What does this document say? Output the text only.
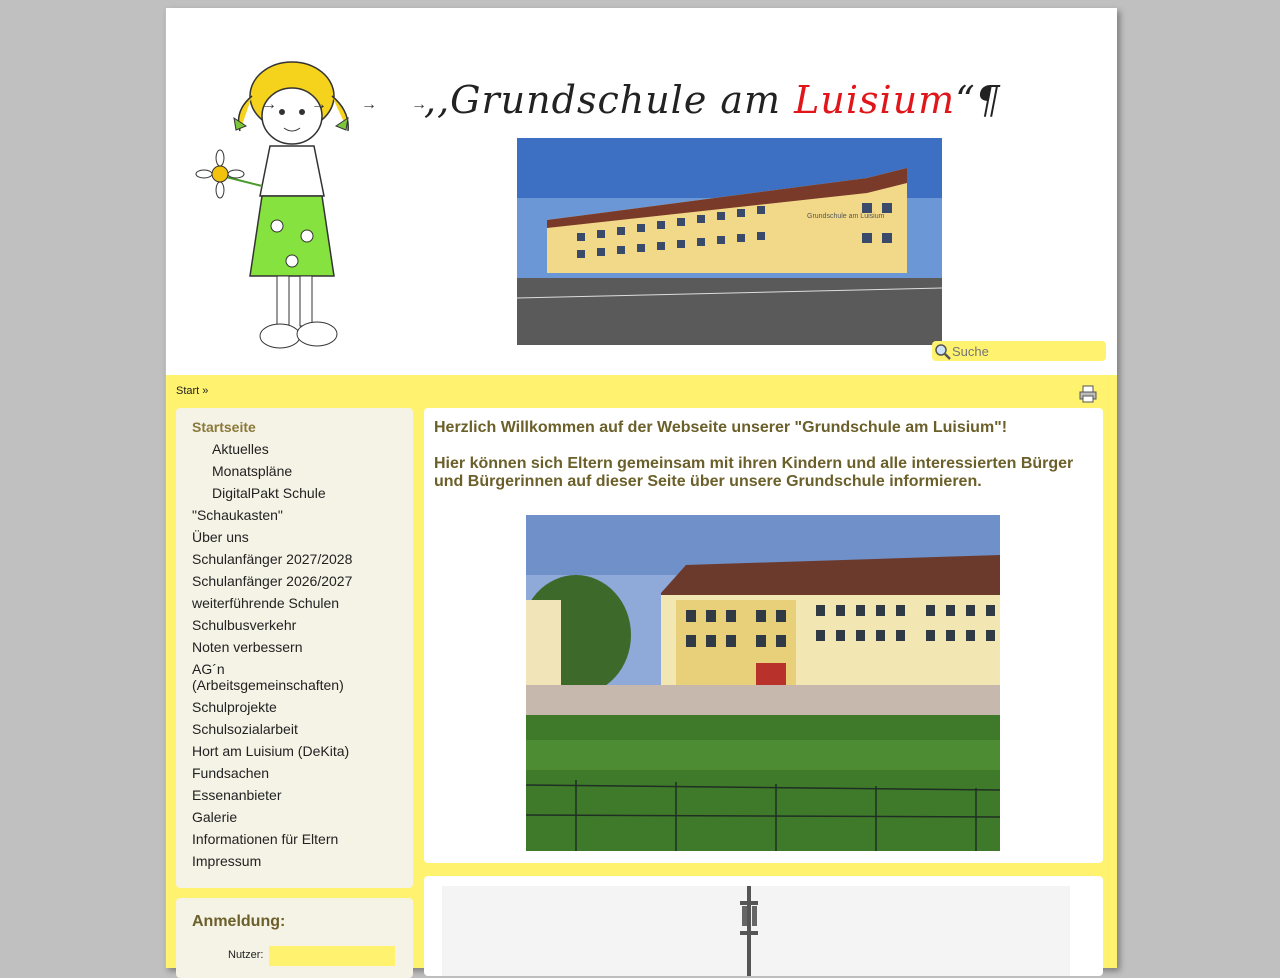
→→→→
,,Grundschule am Luisium“¶
Grundschule am Luisium
Suche
Start »
Startseite
Aktuelles
Monatspläne
DigitalPakt Schule
"Schaukasten"
Über uns
Schulanfänger 2027/2028
Schulanfänger 2026/2027
weiterführende Schulen
Schulbusverkehr
Noten verbessern
AG´n
(Arbeitsgemeinschaften)
Schulprojekte
Schulsozialarbeit
Hort am Luisium (DeKita)
Fundsachen
Essenanbieter
Galerie
Informationen für Eltern
Impressum
Anmeldung:
Nutzer:
Herzlich Willkommen auf der Webseite unserer "Grundschule am Luisium"!
Hier können sich Eltern gemeinsam mit ihren Kindern und alle interessierten Bürger und Bürgerinnen auf dieser Seite über unsere Grundschule informieren.
